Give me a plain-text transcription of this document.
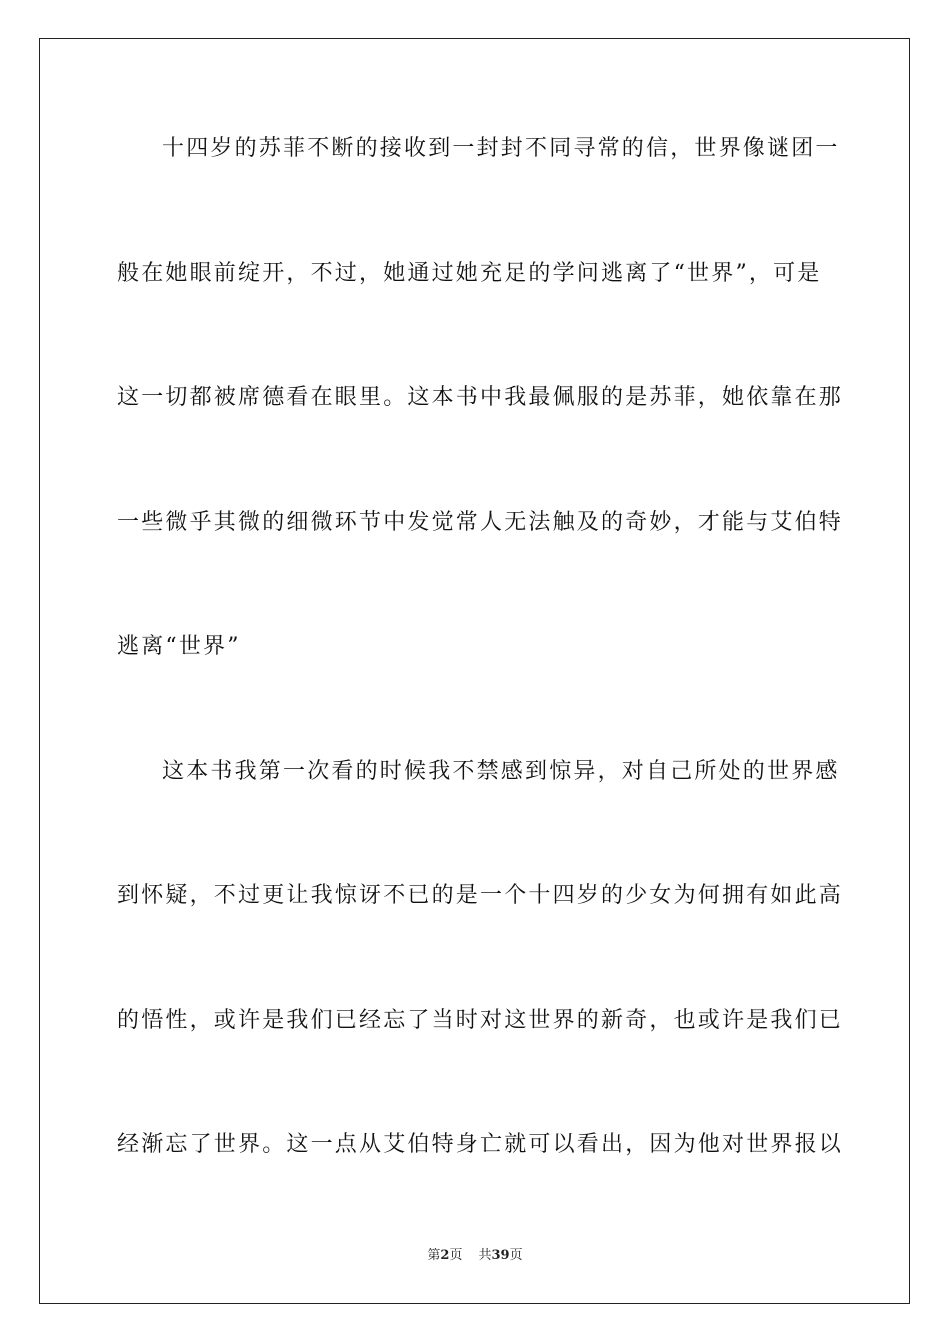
十四岁的苏菲不断的接收到一封封不同寻常的信，世界像谜团一
般在她眼前绽开，不过，她通过她充足的学问逃离了“世界”，可是
这一切都被席德看在眼里。这本书中我最佩服的是苏菲，她依靠在那
一些微乎其微的细微环节中发觉常人无法触及的奇妙，才能与艾伯特
逃离“世界”
这本书我第一次看的时候我不禁感到惊异，对自己所处的世界感
到怀疑，不过更让我惊讶不已的是一个十四岁的少女为何拥有如此高
的悟性，或许是我们已经忘了当时对这世界的新奇，也或许是我们已
经渐忘了世界。这一点从艾伯特身亡就可以看出，因为他对世界报以
第2页 共39页
